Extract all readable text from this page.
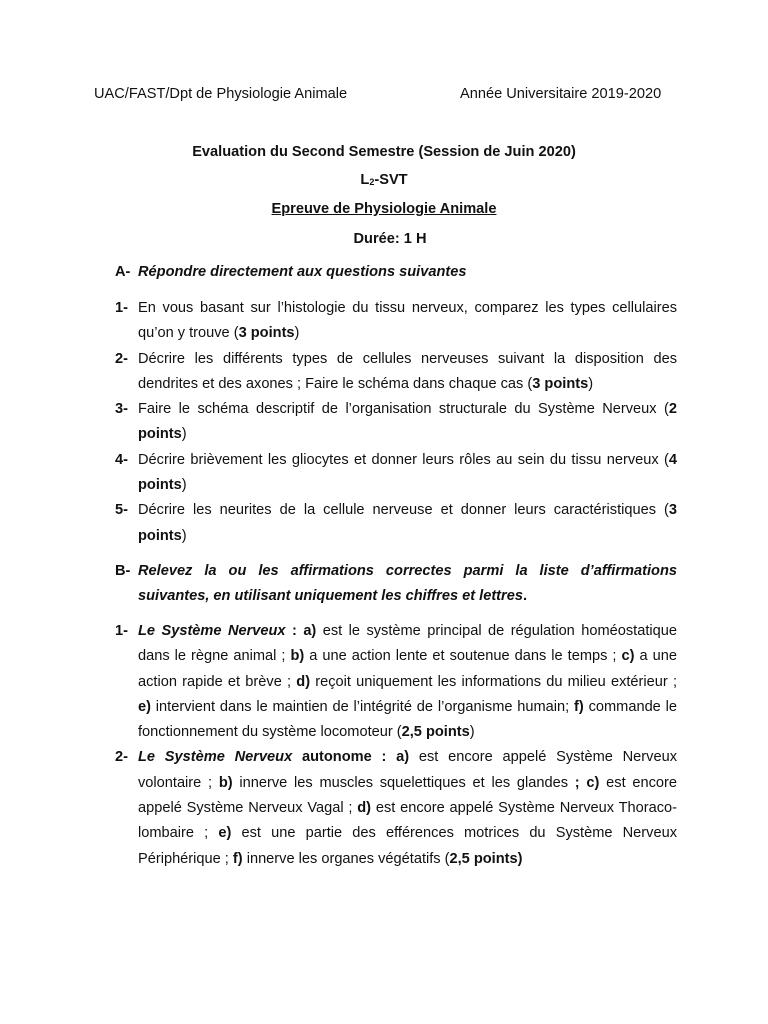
UAC/FAST/Dpt de Physiologie Animale	Année Universitaire 2019-2020
Evaluation du Second Semestre (Session de Juin 2020)
$L_2$-SVT
Epreuve de Physiologie Animale
Durée: 1 H
A- Répondre directement aux questions suivantes
1- En vous basant sur l’histologie du tissu nerveux, comparez les types cellulaires qu’on y trouve (3 points)
2- Décrire les différents types de cellules nerveuses suivant la disposition des dendrites et des axones ; Faire le schéma dans chaque cas (3 points)
3- Faire le schéma descriptif de l’organisation structurale du Système Nerveux (2 points)
4- Décrire brièvement les gliocytes et donner leurs rôles au sein du tissu nerveux (4 points)
5- Décrire les neurites de la cellule nerveuse et donner leurs caractéristiques (3 points)
B- Relevez la ou les affirmations correctes parmi la liste d’affirmations suivantes, en utilisant uniquement les chiffres et lettres.
1- Le Système Nerveux : a) est le système principal de régulation homéostatique dans le règne animal ; b) a une action lente et soutenue dans le temps ; c) a une action rapide et brève ; d) reçoit uniquement les informations du milieu extérieur ; e) intervient dans le maintien de l’intégrité de l’organisme humain; f) commande le fonctionnement du système locomoteur (2,5 points)
2- Le Système Nerveux autonome : a) est encore appelé Système Nerveux volontaire ; b) innerve les muscles squelettiques et les glandes ; c) est encore appelé Système Nerveux Vagal ; d) est encore appelé Système Nerveux Thoraco-lombaire ; e) est une partie des efférences motrices du Système Nerveux Périphérique ; f) innerve les organes végétatifs (2,5 points)
